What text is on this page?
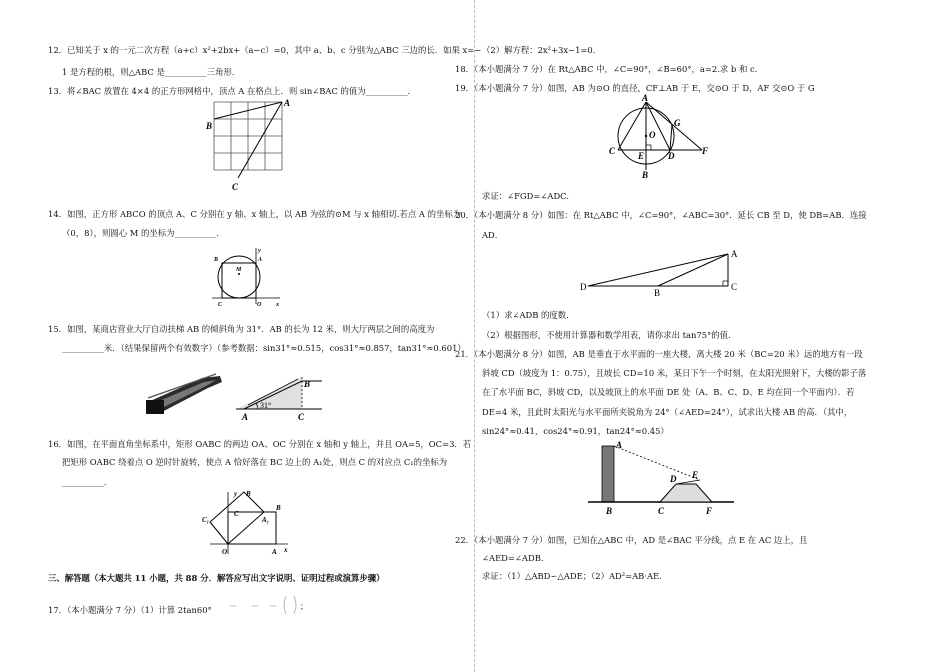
12．已知关于 x 的一元二次方程（a+c）x²+2bx+（a−c）=0，其中 a、b、c 分别为△ABC 三边的长．如果 x=−
1 是方程的根，则△ABC 是__________三角形．
13．将∠BAC 放置在 4×4 的正方形网格中，顶点 A 在格点上．则 sin∠BAC 的值为__________．
A
B
C
14．如图，正方形 ABCO 的顶点 A、C 分别在 y 轴、x 轴上，以 AB 为弦的⊙M 与 x 轴相切.若点 A 的坐标为
（0，8），则圆心 M 的坐标为__________．
M
A
B
C	O x
y
15．如图，某商店营业大厅自动扶梯 AB 的倾斜角为 31°．AB 的长为 12 米，则大厅两层之间的高度为
__________米．（结果保留两个有效数字）（参考数据：sin31°≈0.515，cos31°≈0.857，tan31°≈0.601）
31°
A
B
C
16．如图，在平面直角坐标系中，矩形 OABC 的两边 OA、OC 分别在 x 轴和 y 轴上，并且 OA=5，OC=3．若
把矩形 OABC 绕着点 O 逆时针旋转，使点 A 恰好落在 BC 边上的 A₁处，则点 C 的对应点 C₁的坐标为
__________．
y B
C
B
A₁
C₁
O	A x
三、解答题（本大题共 11 小题，共 88 分．解答应写出文字说明、证明过程或演算步骤）
17．（本小题满分 7 分）（1）计算 2tan60°	；
（2）解方程：2x²+3x−1=0．
18．（本小题满分 7 分）在 Rt△ABC 中，∠C=90°，∠B=60°，a=2.求 b 和 c.
19．（本小题满分 7 分）如图，AB 为⊙O 的直径，CF⊥AB 于 E，交⊙O 于 D，AF 交⊙O 于 G
A
O
G
C	E	D	F
B
求证：∠FGD=∠ADC.
20．（本小题满分 8 分）如图：在 Rt△ABC 中，∠C=90°，∠ABC=30°．延长 CB 至 D，使 DB=AB．连接
AD．
A
D
B
C
（1）求∠ADB 的度数.
（2）根据图形，不使用计算器和数学用表，请你求出 tan75°的值.
21．（本小题满分 8 分）如图，AB 是垂直于水平面的一座大楼，离大楼 20 米（BC=20 米）远的地方有一段
斜坡 CD（坡度为 1：0.75），且坡长 CD=10 米，某日下午一个时刻，在太阳光照射下，大楼的影子落
在了水平面 BC，斜坡 CD，以及坡顶上的水平面 DE 处（A、B、C、D、E 均在同一个平面内）．若
DE=4 米，且此时太阳光与水平面所夹锐角为 24°（∠AED=24°），试求出大楼 AB 的高．（其中，
sin24°≈0.41，cos24°≈0.91，tan24°≈0.45）
A
B	C
D E
F
22．（本小题满分 7 分）如图，已知在△ABC 中，AD 是∠BAC 平分线，点 E 在 AC 边上，且
∠AED=∠ADB．
求证：（1）△ABD∽△ADE；（2）AD²=AB·AE.
